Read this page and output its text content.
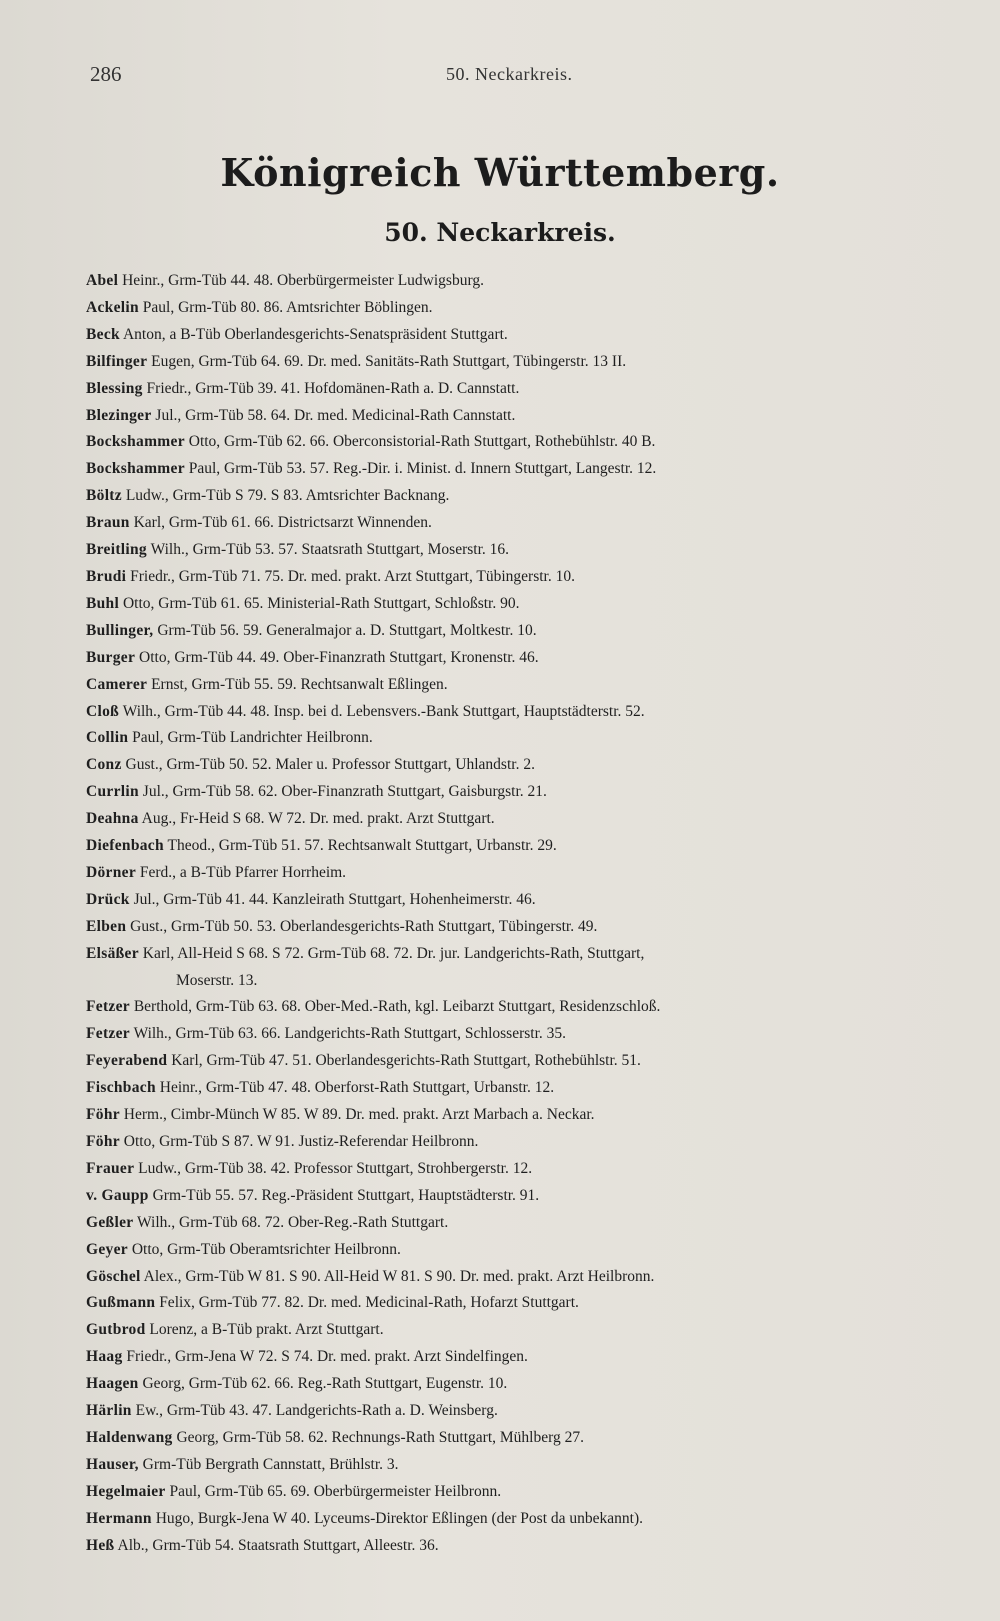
286	50. Neckarkreis.
Königreich Württemberg.
50. Neckarkreis.
Abel Heinr., Grm-Tüb 44. 48. Oberbürgermeister Ludwigsburg.
Ackelin Paul, Grm-Tüb 80. 86. Amtsrichter Böblingen.
Beck Anton, a B-Tüb Oberlandesgerichts-Senatspräsident Stuttgart.
Bilfinger Eugen, Grm-Tüb 64. 69. Dr. med. Sanitäts-Rath Stuttgart, Tübingerstr. 13 II.
Blessing Friedr., Grm-Tüb 39. 41. Hofdomänen-Rath a. D. Cannstatt.
Blezinger Jul., Grm-Tüb 58. 64. Dr. med. Medicinal-Rath Cannstatt.
Bockshammer Otto, Grm-Tüb 62. 66. Oberconsistorial-Rath Stuttgart, Rothebühlstr. 40 B.
Bockshammer Paul, Grm-Tüb 53. 57. Reg.-Dir. i. Minist. d. Innern Stuttgart, Langestr. 12.
Böltz Ludw., Grm-Tüb S 79. S 83. Amtsrichter Backnang.
Braun Karl, Grm-Tüb 61. 66. Districtsarzt Winnenden.
Breitling Wilh., Grm-Tüb 53. 57. Staatsrath Stuttgart, Moserstr. 16.
Brudi Friedr., Grm-Tüb 71. 75. Dr. med. prakt. Arzt Stuttgart, Tübingerstr. 10.
Buhl Otto, Grm-Tüb 61. 65. Ministerial-Rath Stuttgart, Schloßstr. 90.
Bullinger, Grm-Tüb 56. 59. Generalmajor a. D. Stuttgart, Moltkestr. 10.
Burger Otto, Grm-Tüb 44. 49. Ober-Finanzrath Stuttgart, Kronenstr. 46.
Camerer Ernst, Grm-Tüb 55. 59. Rechtsanwalt Eßlingen.
Cloß Wilh., Grm-Tüb 44. 48. Insp. bei d. Lebensvers.-Bank Stuttgart, Hauptstädterstr. 52.
Collin Paul, Grm-Tüb Landrichter Heilbronn.
Conz Gust., Grm-Tüb 50. 52. Maler u. Professor Stuttgart, Uhlandstr. 2.
Currlin Jul., Grm-Tüb 58. 62. Ober-Finanzrath Stuttgart, Gaisburgstr. 21.
Deahna Aug., Fr-Heid S 68. W 72. Dr. med. prakt. Arzt Stuttgart.
Diefenbach Theod., Grm-Tüb 51. 57. Rechtsanwalt Stuttgart, Urbanstr. 29.
Dörner Ferd., a B-Tüb Pfarrer Horrheim.
Drück Jul., Grm-Tüb 41. 44. Kanzleirath Stuttgart, Hohenheimerstr. 46.
Elben Gust., Grm-Tüb 50. 53. Oberlandesgerichts-Rath Stuttgart, Tübingerstr. 49.
Elsäßer Karl, All-Heid S 68. S 72. Grm-Tüb 68. 72. Dr. jur. Landgerichts-Rath, Stuttgart,
Moserstr. 13.
Fetzer Berthold, Grm-Tüb 63. 68. Ober-Med.-Rath, kgl. Leibarzt Stuttgart, Residenzschloß.
Fetzer Wilh., Grm-Tüb 63. 66. Landgerichts-Rath Stuttgart, Schlosserstr. 35.
Feyerabend Karl, Grm-Tüb 47. 51. Oberlandesgerichts-Rath Stuttgart, Rothebühlstr. 51.
Fischbach Heinr., Grm-Tüb 47. 48. Oberforst-Rath Stuttgart, Urbanstr. 12.
Föhr Herm., Cimbr-Münch W 85. W 89. Dr. med. prakt. Arzt Marbach a. Neckar.
Föhr Otto, Grm-Tüb S 87. W 91. Justiz-Referendar Heilbronn.
Frauer Ludw., Grm-Tüb 38. 42. Professor Stuttgart, Strohbergerstr. 12.
v. Gaupp Grm-Tüb 55. 57. Reg.-Präsident Stuttgart, Hauptstädterstr. 91.
Geßler Wilh., Grm-Tüb 68. 72. Ober-Reg.-Rath Stuttgart.
Geyer Otto, Grm-Tüb Oberamtsrichter Heilbronn.
Göschel Alex., Grm-Tüb W 81. S 90. All-Heid W 81. S 90. Dr. med. prakt. Arzt Heilbronn.
Gußmann Felix, Grm-Tüb 77. 82. Dr. med. Medicinal-Rath, Hofarzt Stuttgart.
Gutbrod Lorenz, a B-Tüb prakt. Arzt Stuttgart.
Haag Friedr., Grm-Jena W 72. S 74. Dr. med. prakt. Arzt Sindelfingen.
Haagen Georg, Grm-Tüb 62. 66. Reg.-Rath Stuttgart, Eugenstr. 10.
Härlin Ew., Grm-Tüb 43. 47. Landgerichts-Rath a. D. Weinsberg.
Haldenwang Georg, Grm-Tüb 58. 62. Rechnungs-Rath Stuttgart, Mühlberg 27.
Hauser, Grm-Tüb Bergrath Cannstatt, Brühlstr. 3.
Hegelmaier Paul, Grm-Tüb 65. 69. Oberbürgermeister Heilbronn.
Hermann Hugo, Burgk-Jena W 40. Lyceums-Direktor Eßlingen (der Post da unbekannt).
Heß Alb., Grm-Tüb 54. Staatsrath Stuttgart, Alleestr. 36.
